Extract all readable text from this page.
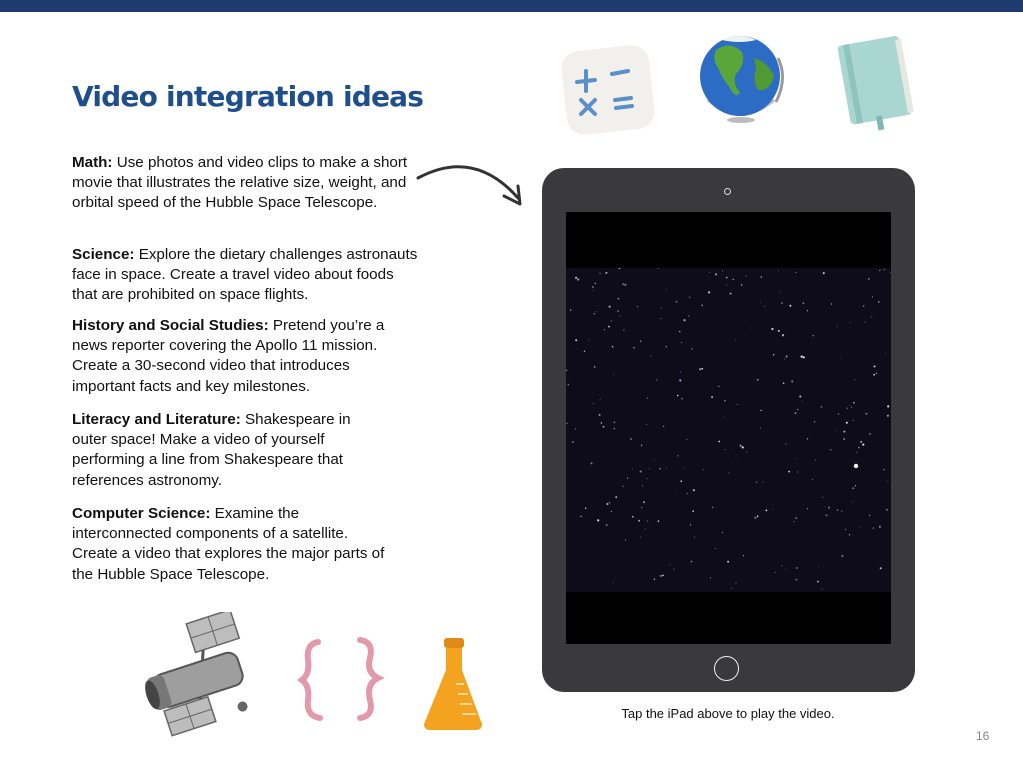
Video integration ideas
Math: Use photos and video clips to make a short movie that illustrates the relative size, weight, and orbital speed of the Hubble Space Telescope.
Science: Explore the dietary challenges astronauts face in space. Create a travel video about foods that are prohibited on space flights.
History and Social Studies: Pretend you’re a news reporter covering the Apollo 11 mission. Create a 30-second video that introduces important facts and key milestones.
Literacy and Literature: Shakespeare in outer space! Make a video of yourself performing a line from Shakespeare that references astronomy.
Computer Science: Examine the interconnected components of a satellite. Create a video that explores the major parts of the Hubble Space Telescope.
Tap the iPad above to play the video.
16
